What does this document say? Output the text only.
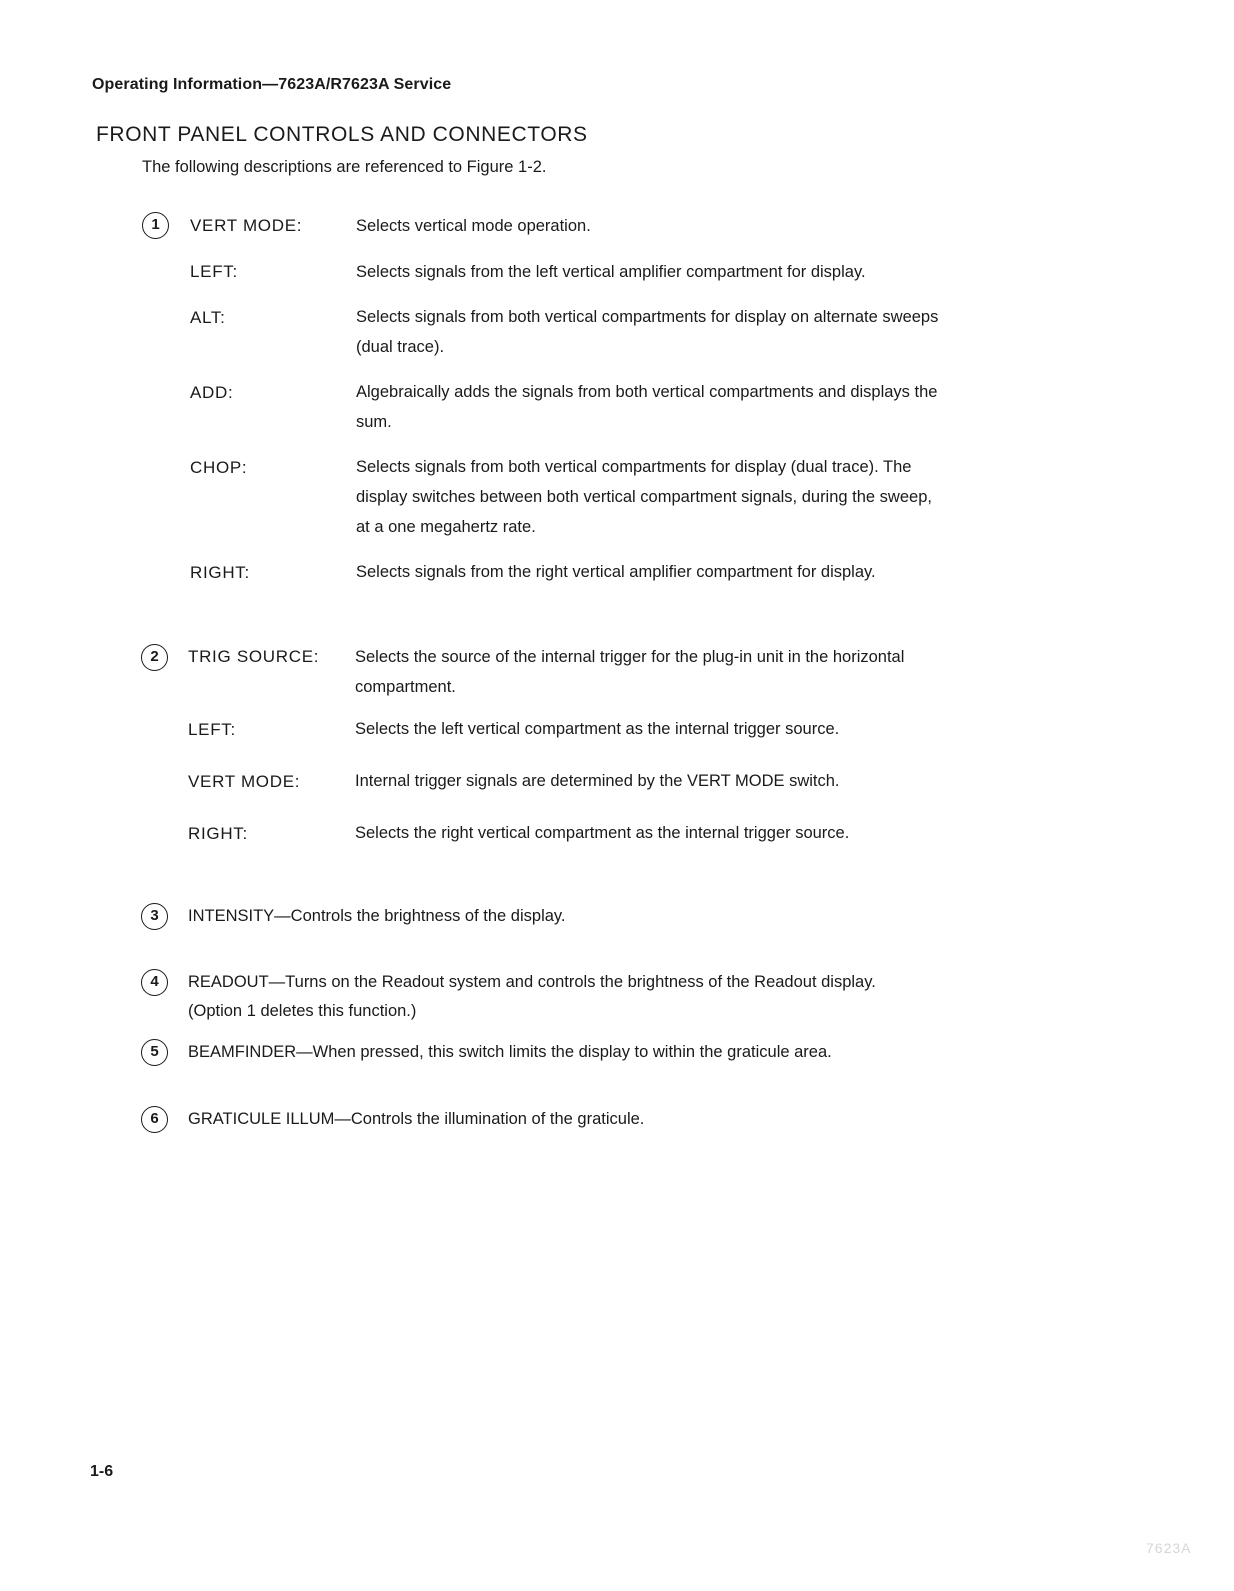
Operating Information—7623A/R7623A Service
FRONT PANEL CONTROLS AND CONNECTORS
The following descriptions are referenced to Figure 1-2.
1	VERT MODE:	Selects vertical mode operation.
LEFT:	Selects signals from the left vertical amplifier compartment for display.
ALT:	Selects signals from both vertical compartments for display on alternate sweeps (dual trace).
ADD:	Algebraically adds the signals from both vertical compartments and displays the sum.
CHOP:	Selects signals from both vertical compartments for display (dual trace). The display switches between both vertical compartment signals, during the sweep, at a one megahertz rate.
RIGHT:	Selects signals from the right vertical amplifier compartment for display.
2	TRIG SOURCE: Selects the source of the internal trigger for the plug-in unit in the horizontal compartment.
LEFT:	Selects the left vertical compartment as the internal trigger source.
VERT MODE:	Internal trigger signals are determined by the VERT MODE switch.
RIGHT:	Selects the right vertical compartment as the internal trigger source.
3	INTENSITY—Controls the brightness of the display.
4	READOUT—Turns on the Readout system and controls the brightness of the Readout display.
(Option 1 deletes this function.)
5	BEAMFINDER—When pressed, this switch limits the display to within the graticule area.
6	GRATICULE ILLUM—Controls the illumination of the graticule.
1-6
7623A
